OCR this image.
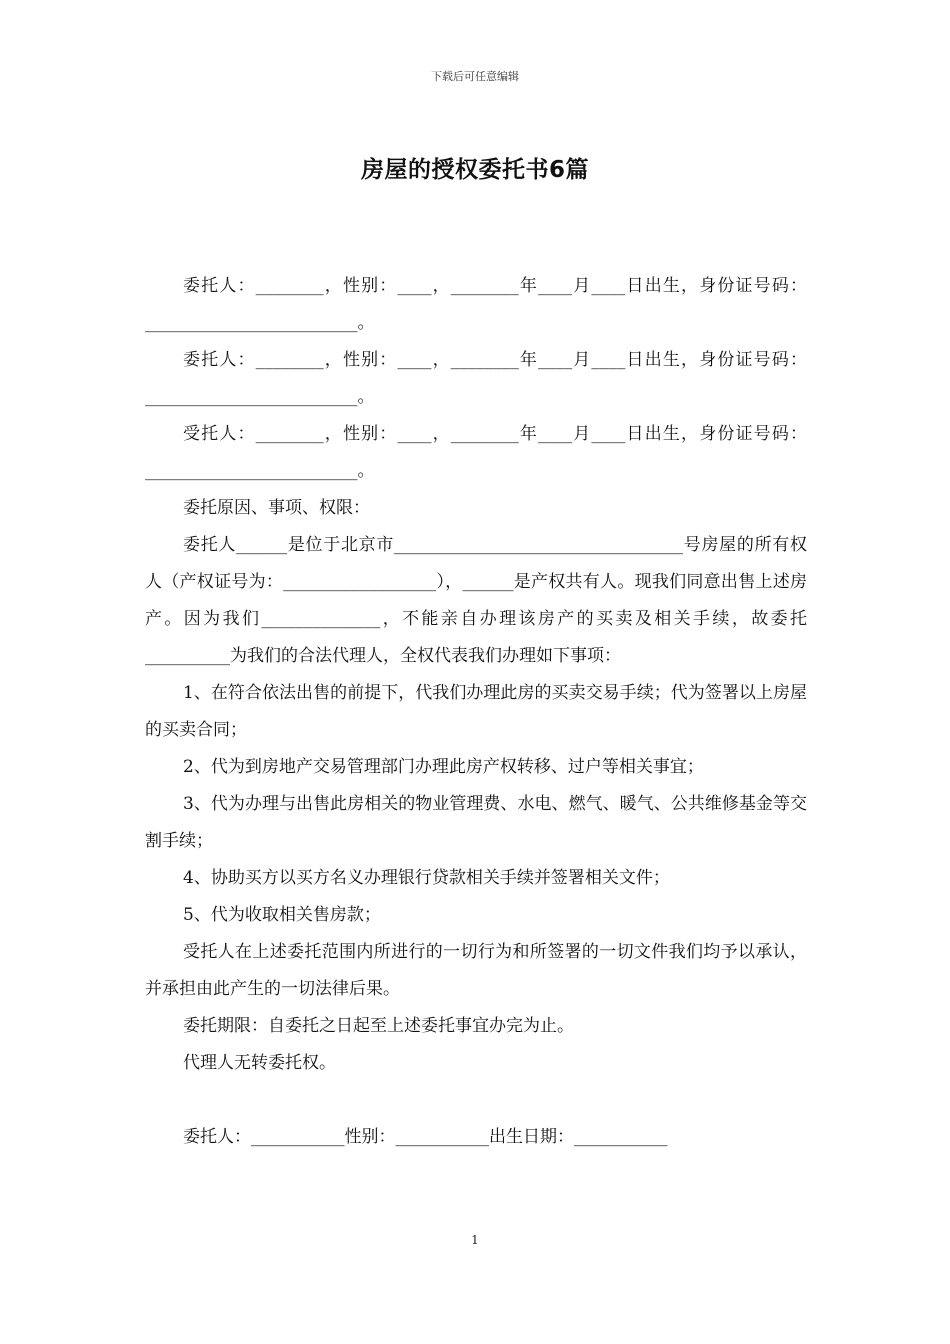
下载后可任意编辑
房屋的授权委托书6篇

委托人：________，性别：____，________年____月____日出生，身份证号码：_________________________。

委托人：________，性别：____，________年____月____日出生，身份证号码：_________________________。

受托人：________，性别：____，________年____月____日出生，身份证号码：_________________________。

委托原因、事项、权限：

委托人______是位于北京市__________________________________号房屋的所有权人（产权证号为：__________________），______是产权共有人。现我们同意出售上述房产。因为我们______________，不能亲自办理该房产的买卖及相关手续，故委托__________为我们的合法代理人，全权代表我们办理如下事项：

1、在符合依法出售的前提下，代我们办理此房的买卖交易手续；代为签署以上房屋的买卖合同；

2、代为到房地产交易管理部门办理此房产权转移、过户等相关事宜；

3、代为办理与出售此房相关的物业管理费、水电、燃气、暖气、公共维修基金等交割手续；

4、协助买方以买方名义办理银行贷款相关手续并签署相关文件；

5、代为收取相关售房款；

受托人在上述委托范围内所进行的一切行为和所签署的一切文件我们均予以承认，并承担由此产生的一切法律后果。

委托期限：自委托之日起至上述委托事宜办完为止。

代理人无转委托权。

委托人：___________性别：___________出生日期：___________

1
